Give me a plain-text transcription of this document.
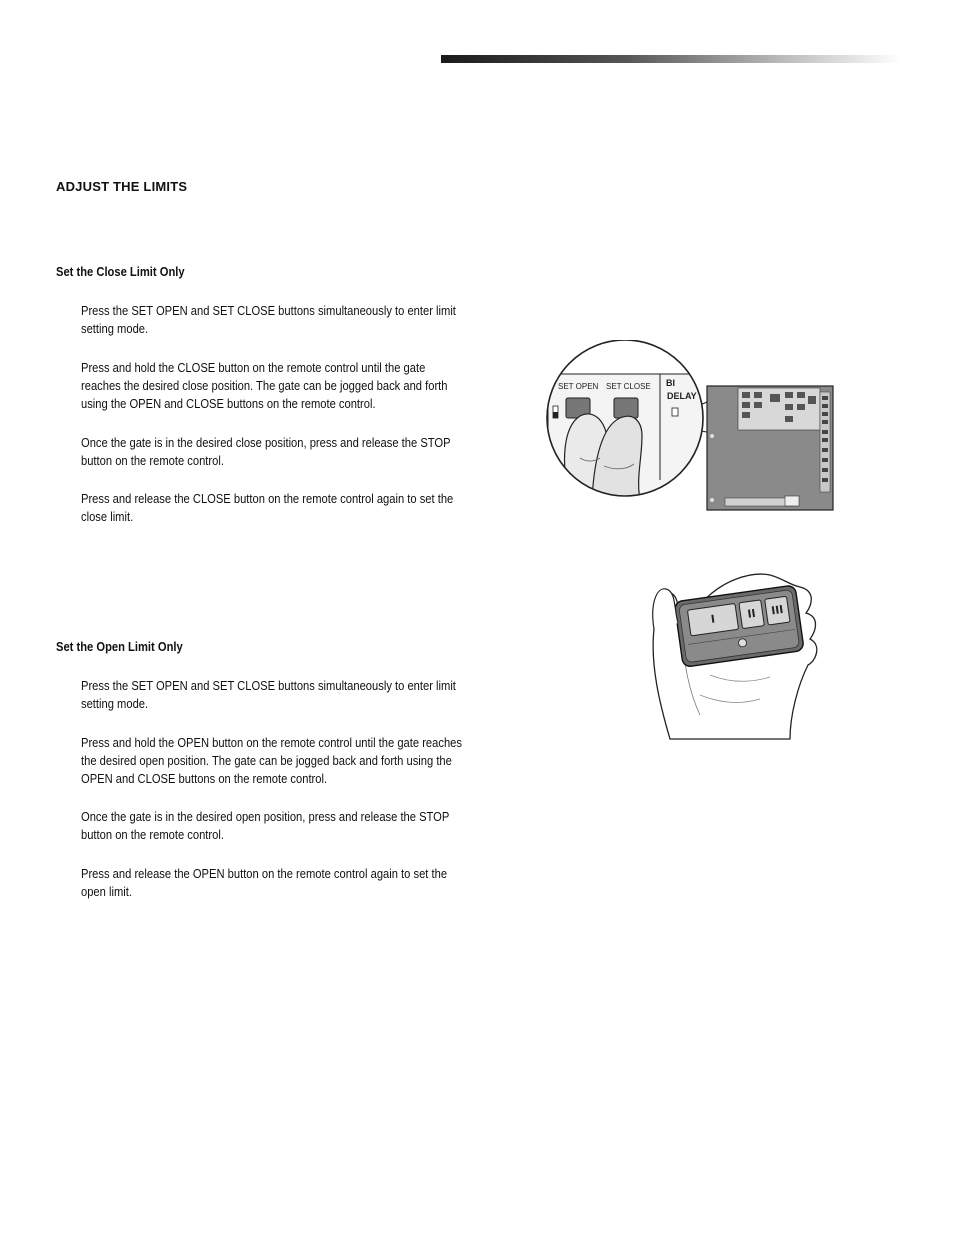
ADJUST THE LIMITS
Set the Close Limit Only

Press the SET OPEN and SET CLOSE buttons simultaneously to enter limit setting mode.

Press and hold the CLOSE button on the remote control until the gate reaches the desired close position. The gate can be jogged back and forth using the OPEN and CLOSE buttons on the remote control.

Once the gate is in the desired close position, press and release the STOP button on the remote control.

Press and release the CLOSE button on the remote control again to set the close limit.

Set the Open Limit Only

Press the SET OPEN and SET CLOSE buttons simultaneously to enter limit setting mode.

Press and hold the OPEN button on the remote control until the gate reaches the desired open position. The gate can be jogged back and forth using the OPEN and CLOSE buttons on the remote control.

Once the gate is in the desired open position, press and release the STOP button on the remote control.

Press and release the OPEN button on the remote control again to set the open limit.

SET OPEN SET CLOSE BI
DELAY
